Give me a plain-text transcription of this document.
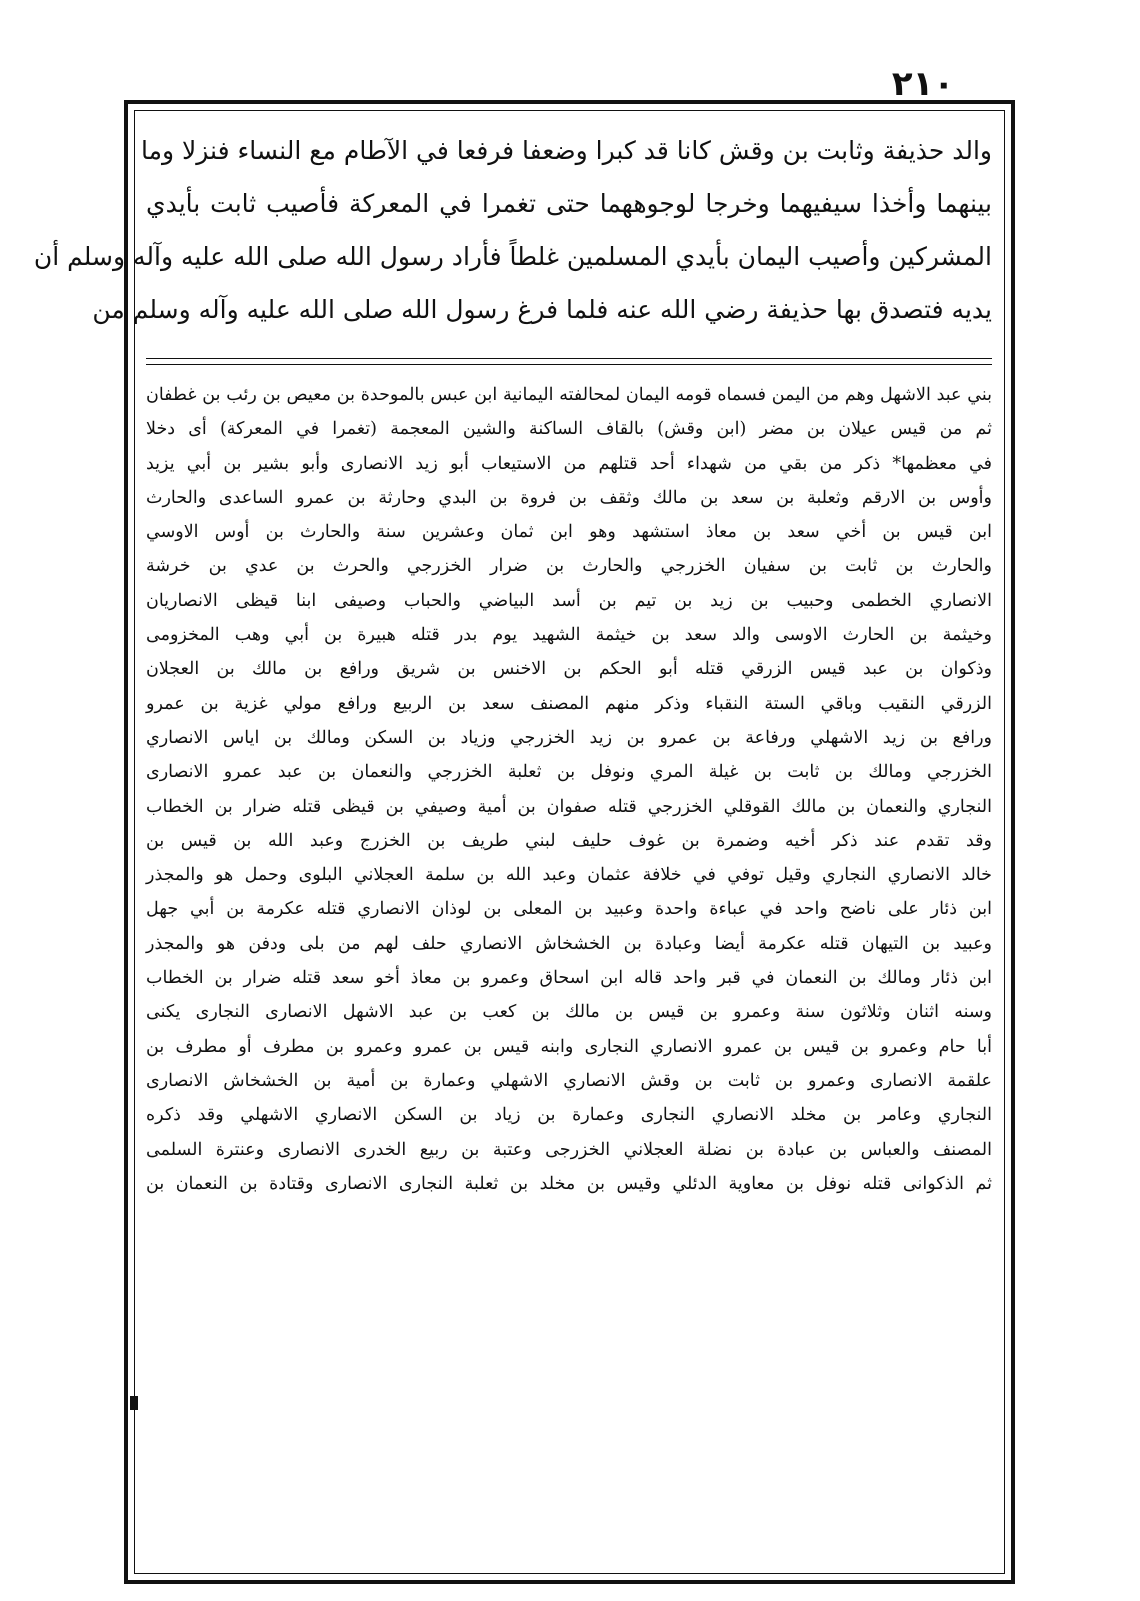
٢١٠
والد حذيفة وثابت بن وقش كانا قد كبرا وضعفا فرفعا في الآطام مع النساء فنزلا وما
بينهما وأخذا سيفيهما وخرجا لوجوههما حتى تغمرا في المعركة فأصيب ثابت بأيدي
المشركين وأصيب اليمان بأيدي المسلمين غلطاً فأراد رسول الله صلى الله عليه وآله وسلم أن
يديه فتصدق بها حذيفة رضي الله عنه فلما فرغ رسول الله صلى الله عليه وآله وسلم من
بني عبد الاشهل وهم من اليمن فسماه قومه اليمان لمحالفته اليمانية ابن عبس بالموحدة بن معيص بن رئب بن غطفان
ثم من قيس عيلان بن مضر (ابن وقش) بالقاف الساكنة والشين المعجمة (تغمرا في المعركة) أى دخلا
في معظمها* ذكر من بقي من شهداء أحد قتلهم من الاستيعاب أبو زيد الانصارى وأبو بشير بن أبي يزيد
وأوس بن الارقم وثعلبة بن سعد بن مالك وثقف بن فروة بن البدي وحارثة بن عمرو الساعدى والحارث
ابن قيس بن أخي سعد بن معاذ استشهد وهو ابن ثمان وعشرين سنة والحارث بن أوس الاوسي
والحارث بن ثابت بن سفيان الخزرجي والحارث بن ضرار الخزرجي والحرث بن عدي بن خرشة
الانصاري الخطمى وحبيب بن زيد بن تيم بن أسد البياضي والحباب وصيفى ابنا قيظى الانصاريان
وخيثمة بن الحارث الاوسى والد سعد بن خيثمة الشهيد يوم بدر قتله هبيرة بن أبي وهب المخزومى
وذكوان بن عبد قيس الزرقي قتله أبو الحكم بن الاخنس بن شريق ورافع بن مالك بن العجلان
الزرقي النقيب وباقي الستة النقباء وذكر منهم المصنف سعد بن الربيع ورافع مولي غزية بن عمرو
ورافع بن زيد الاشهلي ورفاعة بن عمرو بن زيد الخزرجي وزياد بن السكن ومالك بن اياس الانصاري
الخزرجي ومالك بن ثابت بن غيلة المري ونوفل بن ثعلبة الخزرجي والنعمان بن عبد عمرو الانصارى
النجاري والنعمان بن مالك القوقلي الخزرجي قتله صفوان بن أمية وصيفي بن قيظى قتله ضرار بن الخطاب
وقد تقدم عند ذكر أخيه وضمرة بن غوف حليف لبني طريف بن الخزرج وعبد الله بن قيس بن
خالد الانصاري النجاري وقيل توفي في خلافة عثمان وعبد الله بن سلمة العجلاني البلوى وحمل هو والمجذر
ابن ذئار على ناضح واحد في عباءة واحدة وعبيد بن المعلى بن لوذان الانصاري قتله عكرمة بن أبي جهل
وعبيد بن التيهان قتله عكرمة أيضا وعبادة بن الخشخاش الانصاري حلف لهم من بلى ودفن هو والمجذر
ابن ذئار ومالك بن النعمان في قبر واحد قاله ابن اسحاق وعمرو بن معاذ أخو سعد قتله ضرار بن الخطاب
وسنه اثنان وثلاثون سنة وعمرو بن قيس بن مالك بن كعب بن عبد الاشهل الانصارى النجارى يكنى
أبا حام وعمرو بن قيس بن عمرو الانصاري النجارى وابنه قيس بن عمرو وعمرو بن مطرف أو مطرف بن
علقمة الانصارى وعمرو بن ثابت بن وقش الانصاري الاشهلي وعمارة بن أمية بن الخشخاش الانصارى
النجاري وعامر بن مخلد الانصاري النجارى وعمارة بن زياد بن السكن الانصاري الاشهلي وقد ذكره
المصنف والعباس بن عبادة بن نضلة العجلاني الخزرجى وعتبة بن ربيع الخدرى الانصارى وعنترة السلمى
ثم الذكوانى قتله نوفل بن معاوية الدئلي وقيس بن مخلد بن ثعلبة النجارى الانصارى وقتادة بن النعمان بن
